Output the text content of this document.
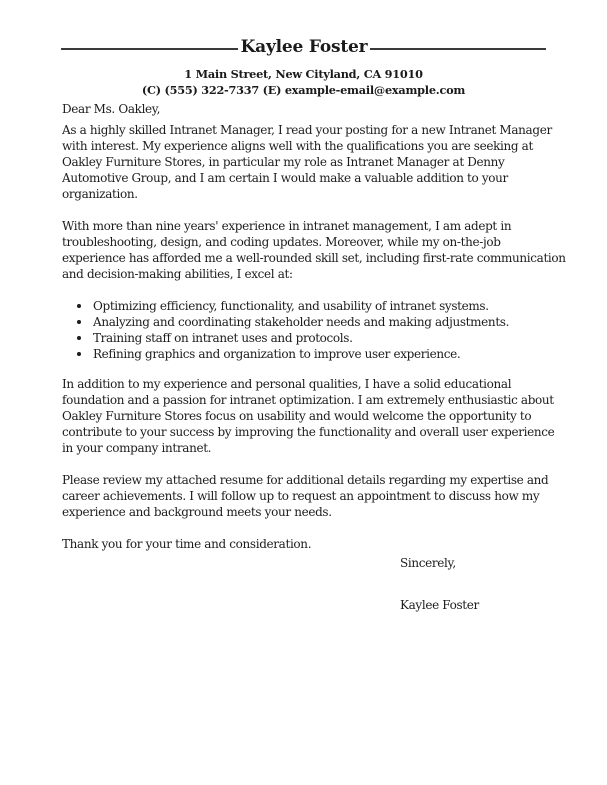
Kaylee Foster
1 Main Street, New Cityland, CA 91010
(C) (555) 322-7337 (E) example-email@example.com
Dear Ms. Oakley,
As a highly skilled Intranet Manager, I read your posting for a new Intranet Manager
with interest. My experience aligns well with the qualifications you are seeking at
Oakley Furniture Stores, in particular my role as Intranet Manager at Denny
Automotive Group, and I am certain I would make a valuable addition to your
organization.
With more than nine years' experience in intranet management, I am adept in
troubleshooting, design, and coding updates. Moreover, while my on-the-job
experience has afforded me a well-rounded skill set, including first-rate communication
and decision-making abilities, I excel at:
Optimizing efficiency, functionality, and usability of intranet systems.
Analyzing and coordinating stakeholder needs and making adjustments.
Training staff on intranet uses and protocols.
Refining graphics and organization to improve user experience.
In addition to my experience and personal qualities, I have a solid educational
foundation and a passion for intranet optimization. I am extremely enthusiastic about
Oakley Furniture Stores focus on usability and would welcome the opportunity to
contribute to your success by improving the functionality and overall user experience
in your company intranet.
Please review my attached resume for additional details regarding my expertise and
career achievements. I will follow up to request an appointment to discuss how my
experience and background meets your needs.
Thank you for your time and consideration.
Sincerely,
Kaylee Foster
